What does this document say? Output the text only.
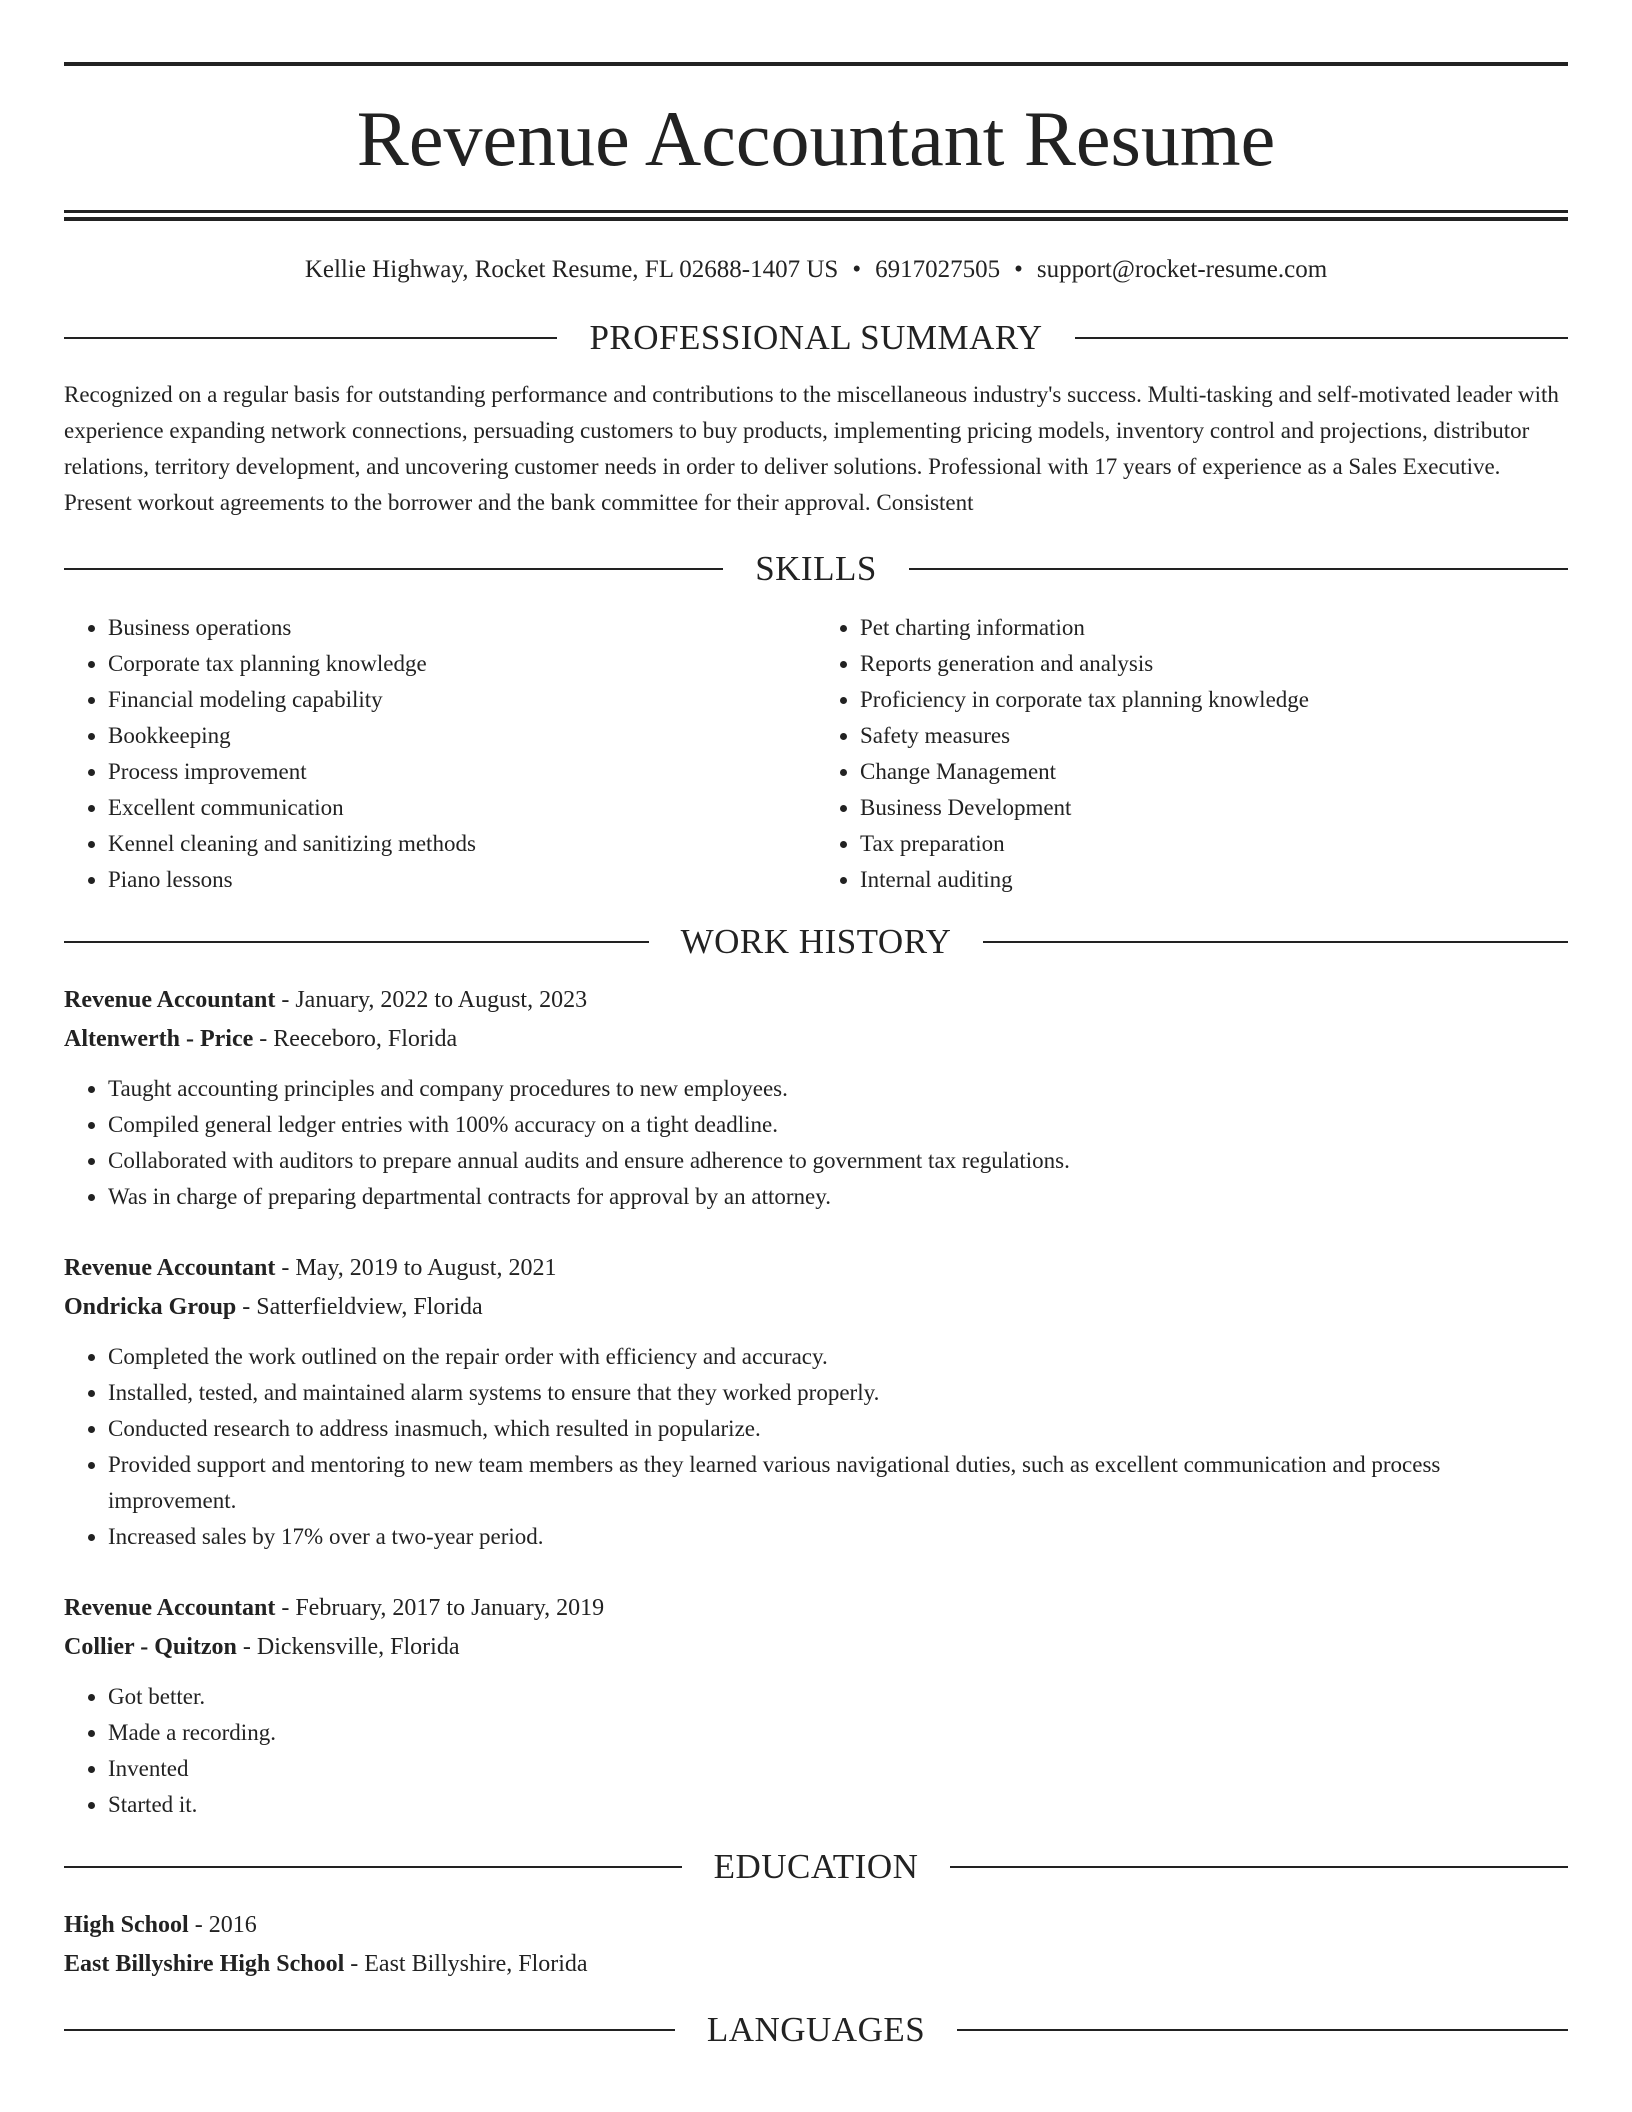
Revenue Accountant Resume
Kellie Highway, Rocket Resume, FL 02688-1407 US • 6917027505 • support@rocket-resume.com
PROFESSIONAL SUMMARY
Recognized on a regular basis for outstanding performance and contributions to the miscellaneous industry's success. Multi-tasking and self-motivated leader with experience expanding network connections, persuading customers to buy products, implementing pricing models, inventory control and projections, distributor relations, territory development, and uncovering customer needs in order to deliver solutions. Professional with 17 years of experience as a Sales Executive. Present workout agreements to the borrower and the bank committee for their approval. Consistent
SKILLS
• Business operations
• Corporate tax planning knowledge
• Financial modeling capability
• Bookkeeping
• Process improvement
• Excellent communication
• Kennel cleaning and sanitizing methods
• Piano lessons
• Pet charting information
• Reports generation and analysis
• Proficiency in corporate tax planning knowledge
• Safety measures
• Change Management
• Business Development
• Tax preparation
• Internal auditing
WORK HISTORY
Revenue Accountant - January, 2022 to August, 2023
Altenwerth - Price - Reeceboro, Florida
• Taught accounting principles and company procedures to new employees.
• Compiled general ledger entries with 100% accuracy on a tight deadline.
• Collaborated with auditors to prepare annual audits and ensure adherence to government tax regulations.
• Was in charge of preparing departmental contracts for approval by an attorney.
Revenue Accountant - May, 2019 to August, 2021
Ondricka Group - Satterfieldview, Florida
• Completed the work outlined on the repair order with efficiency and accuracy.
• Installed, tested, and maintained alarm systems to ensure that they worked properly.
• Conducted research to address inasmuch, which resulted in popularize.
• Provided support and mentoring to new team members as they learned various navigational duties, such as excellent communication and process improvement.
• Increased sales by 17% over a two-year period.
Revenue Accountant - February, 2017 to January, 2019
Collier - Quitzon - Dickensville, Florida
• Got better.
• Made a recording.
• Invented
• Started it.
EDUCATION
High School - 2016
East Billyshire High School - East Billyshire, Florida
LANGUAGES
